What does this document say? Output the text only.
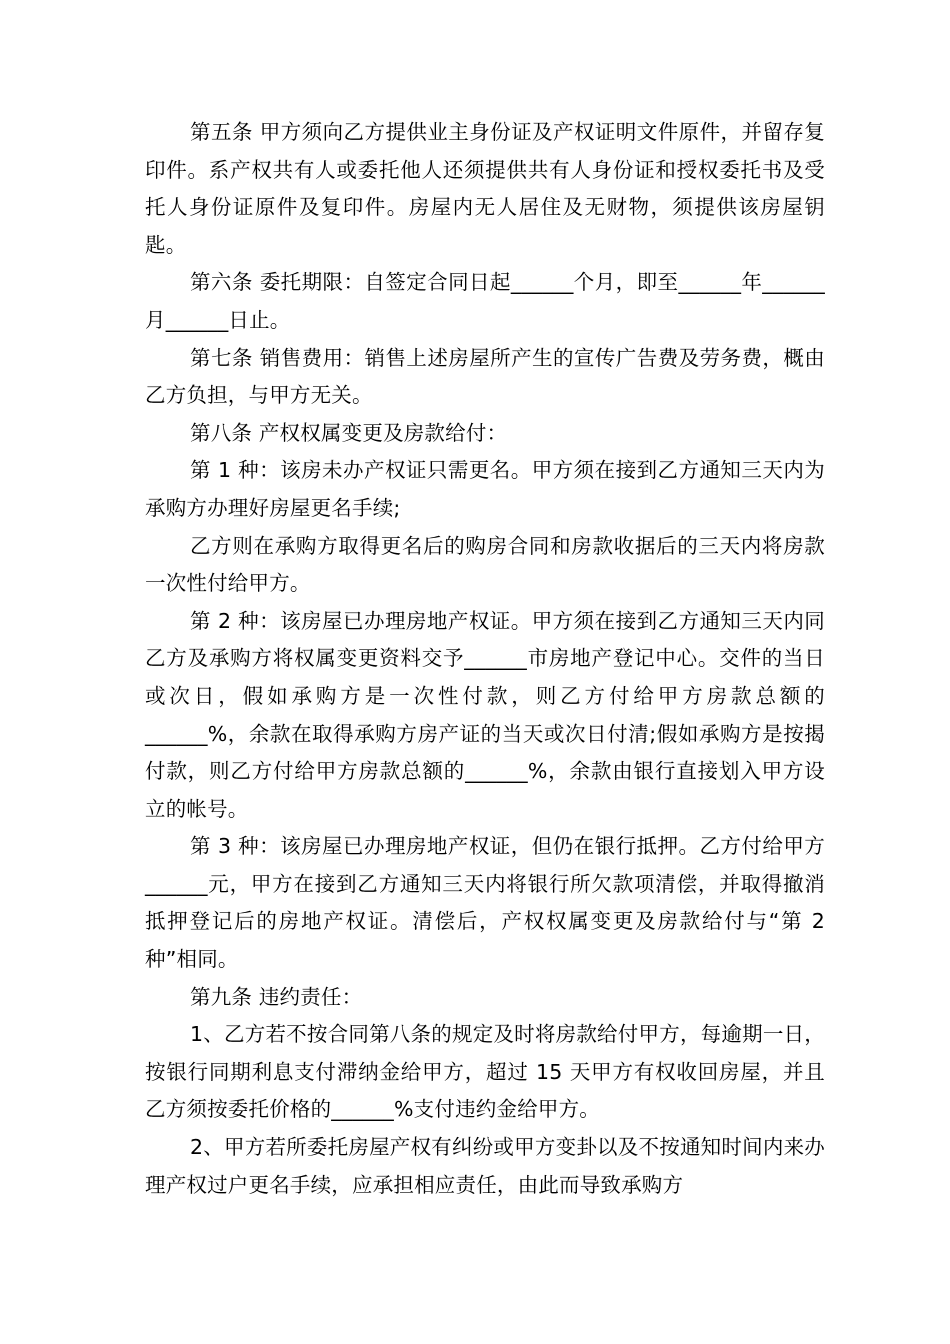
第五条 甲方须向乙方提供业主身份证及产权证明文件原件，并留存复印件。系产权共有人或委托他人还须提供共有人身份证和授权委托书及受托人身份证原件及复印件。房屋内无人居住及无财物，须提供该房屋钥匙。

第六条 委托期限：自签定合同日起______个月，即至______年______月______日止。

第七条 销售费用：销售上述房屋所产生的宣传广告费及劳务费，概由乙方负担，与甲方无关。

第八条 产权权属变更及房款给付：

第 1 种：该房未办产权证只需更名。甲方须在接到乙方通知三天内为承购方办理好房屋更名手续;

乙方则在承购方取得更名后的购房合同和房款收据后的三天内将房款一次性付给甲方。

第 2 种：该房屋已办理房地产权证。甲方须在接到乙方通知三天内同乙方及承购方将权属变更资料交予______市房地产登记中心。交件的当日或次日，假如承购方是一次性付款，则乙方付给甲方房款总额的______%，余款在取得承购方房产证的当天或次日付清;假如承购方是按揭付款，则乙方付给甲方房款总额的______%，余款由银行直接划入甲方设立的帐号。

第 3 种：该房屋已办理房地产权证，但仍在银行抵押。乙方付给甲方______元，甲方在接到乙方通知三天内将银行所欠款项清偿，并取得撤消抵押登记后的房地产权证。清偿后，产权权属变更及房款给付与“第 2 种”相同。

第九条 违约责任：

1、乙方若不按合同第八条的规定及时将房款给付甲方，每逾期一日，按银行同期利息支付滞纳金给甲方，超过 15 天甲方有权收回房屋，并且乙方须按委托价格的______%支付违约金给甲方。

2、甲方若所委托房屋产权有纠纷或甲方变卦以及不按通知时间内来办理产权过户更名手续，应承担相应责任，由此而导致承购方
